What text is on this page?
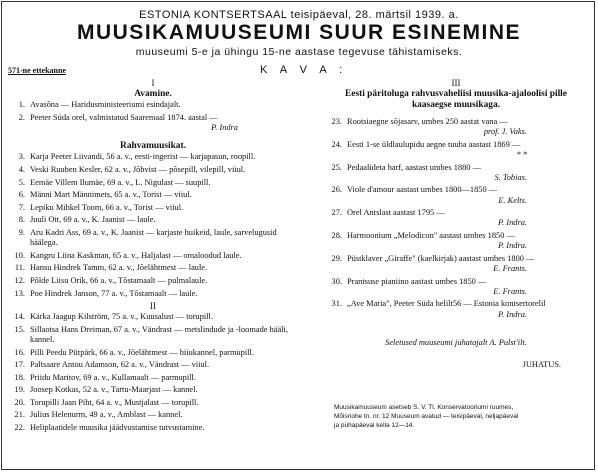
ESTONIA KONTSERTSAAL teisipäeval, 28. märtsil 1939. a.
MUUSIKAMUUSEUMI SUUR ESINEMINE
muuseumi 5-e ja ühingu 15-ne aastase tegevuse tähistamiseks.
571-ne ettekanne	K A V A :
I
Avamine.
1. Avasõna — Haridusministeeriumi esindajalt.
2. Peeter Süda orel, valmistatud Saaremaal 1874. aastal —
P. Indra
Rahvamuusikat.
3. Karja Peeter Liivandi, 56 a. v., eesti-ingerist — karjapasun, roopill.
4. Veski Ruuben Kesler, 62 a. v., Jõhvist — põsepill, vilepill, viiul.
5. Eemäe Villem Ilumäe, 69 a. v., L. Nigulast — suupill.
6. Männi Mart Männimets, 65 a. v., Torist — viiul.
7. Lepiku Mihkel Toom, 66 a. v., Torist — viiul.
8. Juuli Ott, 69 a. v., K. Jaanist — laule.
9. Aru Kadri Ass, 69 a. v., K. Jaanist — karjaste huikeid, laule, sarvelugusid häälega.
10. Kangru Liina Kaskman, 65 a. v., Haljalast — omaloodud laule.
11. Hansu Hindrek Tamm, 62 a. v., Jõelähtmest — laule.
12. Põlde Liisu Orik, 66 a. v., Tõstamaalt — pulmalaule.
13. Poe Hindrek Janson, 77 a. v., Tõstamaalt — laule.
II
14. Kärka Jaagup Kilström, 75 a. v., Kuusalust — torupill.
15. Sillaotsa Hans Dreiman, 67 a. v., Vändrast — metslindude ja -loomade hääli, kannel.
16. Pilli Peedu Piitpärk, 66 a. v., Jõelähtmest — hiiukannel, parmupill.
17. Paltsaare Antou Adamson, 62 a. v., Vändrast — viiul.
18. Priidu Maritov, 69 a. v., Kullamaalt — parmupill.
19. Joosep Kotkas, 52 a. v., Tartu-Maarjast — kannel.
20. Torupilli Jaan Piht, 64 a. v., Mustjalast — torupill.
21. Julius Helenurm, 49 a. v., Amblast — kannel.
22. Heliplaatidele muusika jäädvustamise tutvustamine.
III
Eesti päritoluga rahvusvaheliisi muusika-ajaloolisi pille kaasaegse muusikaga.
23. Rootsiaegne sõjasarv, umbes 250 aastat vana —
prof. J. Vaks.
24. Eesti 1-se üldlaulupidu aegne tuuba aastast 1869 —
* *
25. Pedaalideta harf, aastast umbes 1880 —
S. Tobias.
26. Viole d'amour aastast umbes 1800—1850 —
E. Kelts.
27. Orel Antslast aastast 1795 —
P. Indra.
28. Harmoonium „Melodicon" aastast umbes 1850 —
P. Indra.
29. Püstklaver „Giraffe" (kaelkirjak) aastast umbes 1800 —
E. Frants.
30. Prantsuse pianiino aastast umbes 1850 —
E. Frants.
31. „Ave Maria", Peeter Süda helilt56 — Estonia kontsertorelil
P. Indra.
Seletused muuseumi juhatajalt A. Pulst'ilt.
JUHATUS.
Muusikamuuseum asetseb S. V. Tl. Konservatooriumi ruumes,
Mõisriohe tn. nr. 12 Muuseum avatud — teisipäeval, neljapäeval
ja pühapäeval kella 12—14.
